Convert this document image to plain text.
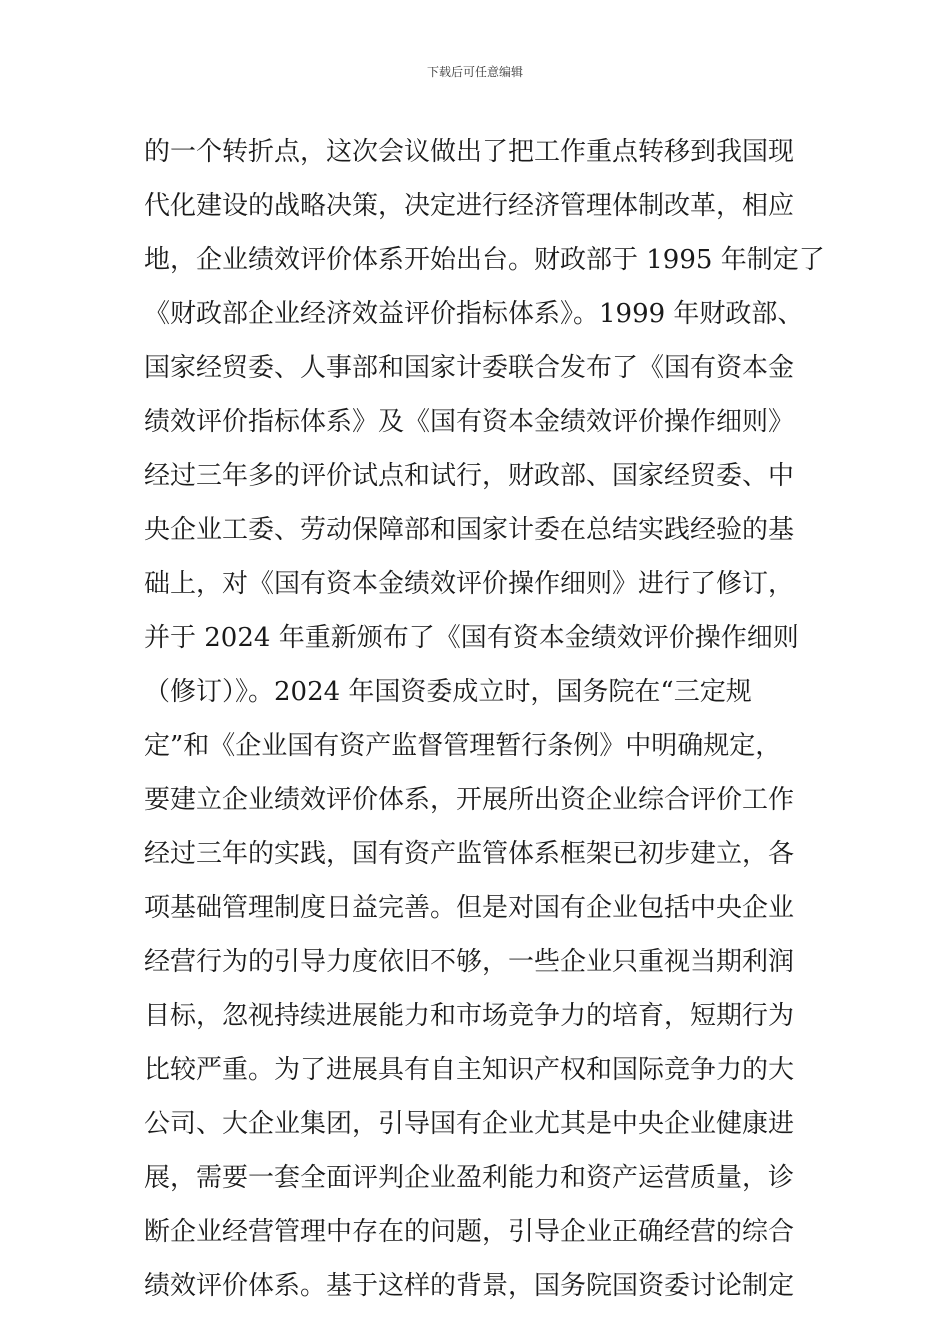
下载后可任意编辑
的一个转折点，这次会议做出了把工作重点转移到我国现
代化建设的战略决策，决定进行经济管理体制改革，相应
地，企业绩效评价体系开始出台。财政部于 1995 年制定了
《财政部企业经济效益评价指标体系》。1999 年财政部、
国家经贸委、人事部和国家计委联合发布了《国有资本金
绩效评价指标体系》及《国有资本金绩效评价操作细则》
经过三年多的评价试点和试行，财政部、国家经贸委、中
央企业工委、劳动保障部和国家计委在总结实践经验的基
础上，对《国有资本金绩效评价操作细则》进行了修订，
并于 2024 年重新颁布了《国有资本金绩效评价操作细则
（修订）》。2024 年国资委成立时，国务院在“三定规
定”和《企业国有资产监督管理暂行条例》中明确规定，
要建立企业绩效评价体系，开展所出资企业综合评价工作
经过三年的实践，国有资产监管体系框架已初步建立，各
项基础管理制度日益完善。但是对国有企业包括中央企业
经营行为的引导力度依旧不够，一些企业只重视当期利润
目标，忽视持续进展能力和市场竞争力的培育，短期行为
比较严重。为了进展具有自主知识产权和国际竞争力的大
公司、大企业集团，引导国有企业尤其是中央企业健康进
展，需要一套全面评判企业盈利能力和资产运营质量，诊
断企业经营管理中存在的问题，引导企业正确经营的综合
绩效评价体系。基于这样的背景，国务院国资委讨论制定
